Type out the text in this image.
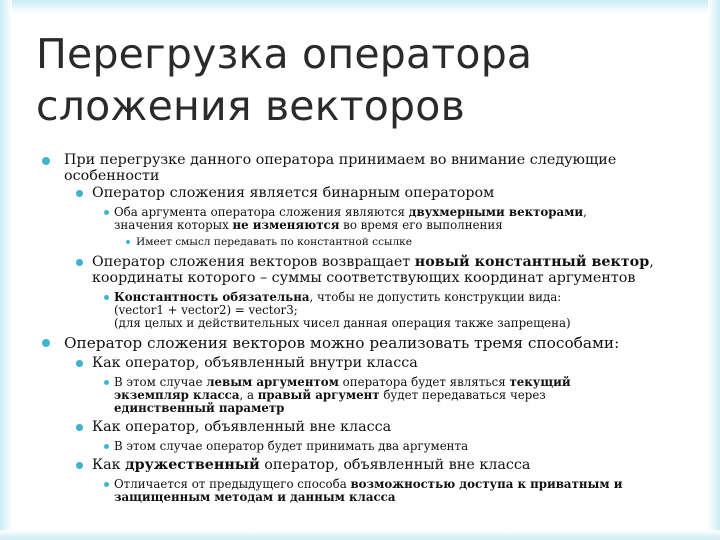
Перегрузка оператора
сложения векторов
При перегрузке данного оператора принимаем во внимание следующие
особенности
Оператор сложения является бинарным оператором
Оба аргумента оператора сложения являются двухмерными векторами,
значения которых не изменяются во время его выполнения
Имеет смысл передавать по константной ссылке
Оператор сложения векторов возвращает новый константный вектор,
координаты которого – суммы соответствующих координат аргументов
Константность обязательна, чтобы не допустить конструкции вида:
(vector1 + vector2) = vector3;
(для целых и действительных чисел данная операция также запрещена)
Оператор сложения векторов можно реализовать тремя способами:
Как оператор, объявленный внутри класса
В этом случае левым аргументом оператора будет являться текущий
экземпляр класса, а правый аргумент будет передаваться через
единственный параметр
Как оператор, объявленный вне класса
В этом случае оператор будет принимать два аргумента
Как дружественный оператор, объявленный вне класса
Отличается от предыдущего способа возможностью доступа к приватным и
защищенным методам и данным класса
